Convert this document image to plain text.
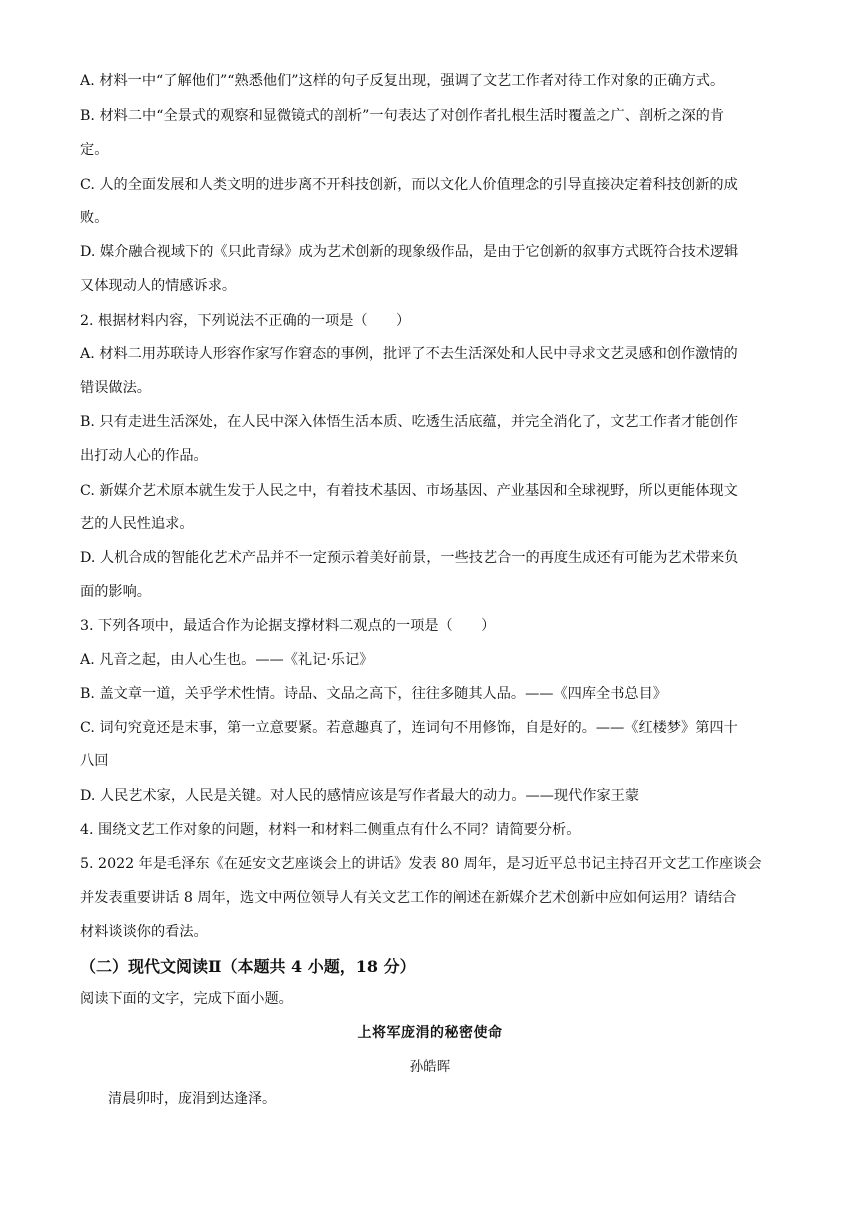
A. 材料一中“了解他们”“熟悉他们”这样的句子反复出现，强调了文艺工作者对待工作对象的正确方式。
B. 材料二中“全景式的观察和显微镜式的剖析”一句表达了对创作者扎根生活时覆盖之广、剖析之深的肯
定。
C. 人的全面发展和人类文明的进步离不开科技创新，而以文化人价值理念的引导直接决定着科技创新的成
败。
D. 媒介融合视域下的《只此青绿》成为艺术创新的现象级作品，是由于它创新的叙事方式既符合技术逻辑
又体现动人的情感诉求。
2. 根据材料内容，下列说法不正确的一项是（　　）
A. 材料二用苏联诗人形容作家写作窘态的事例，批评了不去生活深处和人民中寻求文艺灵感和创作激情的
错误做法。
B. 只有走进生活深处，在人民中深入体悟生活本质、吃透生活底蕴，并完全消化了，文艺工作者才能创作
出打动人心的作品。
C. 新媒介艺术原本就生发于人民之中，有着技术基因、市场基因、产业基因和全球视野，所以更能体现文
艺的人民性追求。
D. 人机合成的智能化艺术产品并不一定预示着美好前景，一些技艺合一的再度生成还有可能为艺术带来负
面的影响。
3. 下列各项中，最适合作为论据支撑材料二观点的一项是（　　）
A. 凡音之起，由人心生也。——《礼记·乐记》
B. 盖文章一道，关乎学术性情。诗品、文品之高下，往往多随其人品。——《四库全书总目》
C. 词句究竟还是末事，第一立意要紧。若意趣真了，连词句不用修饰，自是好的。——《红楼梦》第四十
八回
D. 人民艺术家，人民是关键。对人民的感情应该是写作者最大的动力。——现代作家王蒙
4. 围绕文艺工作对象的问题，材料一和材料二侧重点有什么不同？请简要分析。
5. 2022 年是毛泽东《在延安文艺座谈会上的讲话》发表 80 周年，是习近平总书记主持召开文艺工作座谈会
并发表重要讲话 8 周年，选文中两位领导人有关文艺工作的阐述在新媒介艺术创新中应如何运用？请结合
材料谈谈你的看法。
（二）现代文阅读Ⅱ（本题共 4 小题，18 分）
阅读下面的文字，完成下面小题。
上将军庞涓的秘密使命
孙皓晖
清晨卯时，庞涓到达逢泽。
